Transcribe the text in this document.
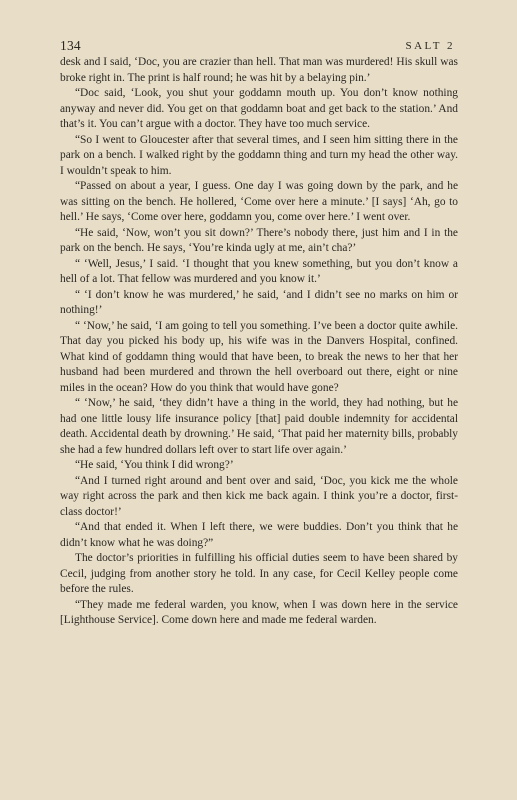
134	SALT 2

desk and I said, ‘Doc, you are crazier than hell. That man was murdered! His skull was broke right in. The print is half round; he was hit by a belaying pin.’

“Doc said, ‘Look, you shut your goddamn mouth up. You don’t know nothing anyway and never did. You get on that goddamn boat and get back to the station.’ And that’s it. You can’t argue with a doctor. They have too much service.

“So I went to Gloucester after that several times, and I seen him sitting there in the park on a bench. I walked right by the goddamn thing and turn my head the other way. I wouldn’t speak to him.

“Passed on about a year, I guess. One day I was going down by the park, and he was sitting on the bench. He hollered, ‘Come over here a minute.’ [I says] ‘Ah, go to hell.’ He says, ‘Come over here, goddamn you, come over here.’ I went over.

“He said, ‘Now, won’t you sit down?’ There’s nobody there, just him and I in the park on the bench. He says, ‘You’re kinda ugly at me, ain’t cha?’

“ ‘Well, Jesus,’ I said. ‘I thought that you knew something, but you don’t know a hell of a lot. That fellow was murdered and you know it.’

“ ‘I don’t know he was murdered,’ he said, ‘and I didn’t see no marks on him or nothing!’

“ ‘Now,’ he said, ‘I am going to tell you something. I’ve been a doctor quite awhile. That day you picked his body up, his wife was in the Danvers Hospital, confined. What kind of goddamn thing would that have been, to break the news to her that her husband had been murdered and thrown the hell overboard out there, eight or nine miles in the ocean? How do you think that would have gone?

“ ‘Now,’ he said, ‘they didn’t have a thing in the world, they had nothing, but he had one little lousy life insurance policy [that] paid double indemnity for accidental death. Accidental death by drowning.’ He said, ‘That paid her maternity bills, probably she had a few hundred dollars left over to start life over again.’

“He said, ‘You think I did wrong?’

“And I turned right around and bent over and said, ‘Doc, you kick me the whole way right across the park and then kick me back again. I think you’re a doctor, first-class doctor!’

“And that ended it. When I left there, we were buddies. Don’t you think that he didn’t know what he was doing?”

The doctor’s priorities in fulfilling his official duties seem to have been shared by Cecil, judging from another story he told. In any case, for Cecil Kelley people come before the rules.

“They made me federal warden, you know, when I was down here in the service [Lighthouse Service]. Come down here and made me federal warden.
